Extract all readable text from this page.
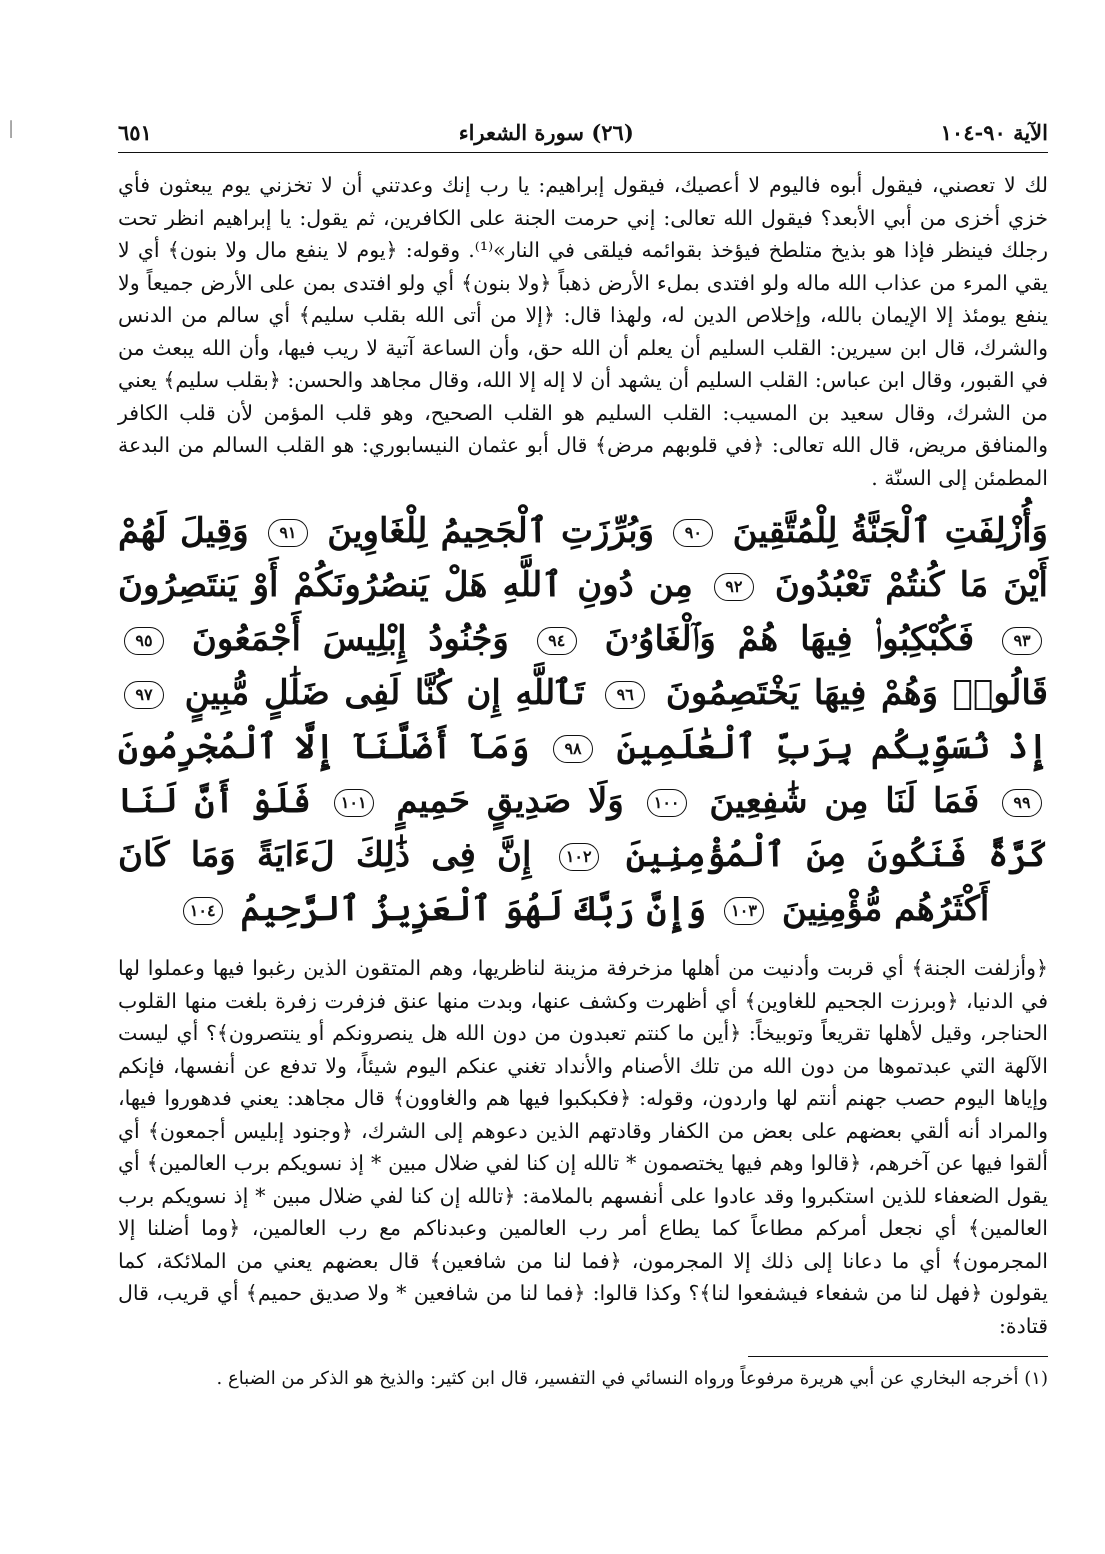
|	الآية ٩٠-١٠٤
(٢٦) سورة الشعراء
٦٥١

لك لا تعصني، فيقول أبوه فاليوم لا أعصيك، فيقول إبراهيم: يا رب إنك وعدتني أن لا تخزني يوم يبعثون فأي خزي أخزى من أبي الأبعد؟ فيقول الله تعالى: إني حرمت الجنة على الكافرين، ثم يقول: يا إبراهيم انظر تحت رجلك فينظر فإذا هو بذيخ متلطخ فيؤخذ بقوائمه فيلقى في النار»⁽¹⁾. وقوله: ﴿يوم لا ينفع مال ولا بنون﴾ أي لا يقي المرء من عذاب الله ماله ولو افتدى بملء الأرض ذهباً ﴿ولا بنون﴾ أي ولو افتدى بمن على الأرض جميعاً ولا ينفع يومئذ إلا الإيمان بالله، وإخلاص الدين له، ولهذا قال: ﴿إلا من أتى الله بقلب سليم﴾ أي سالم من الدنس والشرك، قال ابن سيرين: القلب السليم أن يعلم أن الله حق، وأن الساعة آتية لا ريب فيها، وأن الله يبعث من في القبور، وقال ابن عباس: القلب السليم أن يشهد أن لا إله إلا الله، وقال مجاهد والحسن: ﴿بقلب سليم﴾ يعني من الشرك، وقال سعيد بن المسيب: القلب السليم هو القلب الصحيح، وهو قلب المؤمن لأن قلب الكافر والمنافق مريض، قال الله تعالى: ﴿في قلوبهم مرض﴾ قال أبو عثمان النيسابوري: هو القلب السالم من البدعة المطمئن إلى السنّة .

وَأُزْلِفَتِ ٱلْجَنَّةُ لِلْمُتَّقِينَ ٩٠ وَبُرِّزَتِ ٱلْجَحِيمُ لِلْغَاوِينَ ٩١ وَقِيلَ لَهُمْ أَيْنَ مَا كُنتُمْ تَعْبُدُونَ ٩٢ مِن دُونِ ٱللَّهِ هَلْ يَنصُرُونَكُمْ أَوْ يَنتَصِرُونَ ٩٣ فَكُبْكِبُوا۟ فِيهَا هُمْ وَٱلْغَاوُۥنَ ٩٤ وَجُنُودُ إِبْلِيسَ أَجْمَعُونَ ٩٥ قَالُوا۟ وَهُمْ فِيهَا يَخْتَصِمُونَ ٩٦ تَٱللَّهِ إِن كُنَّا لَفِى ضَلَٰلٍ مُّبِينٍ ٩٧ إِذْ نُسَوِّيكُم بِرَبِّ ٱلْعَٰلَمِينَ ٩٨ وَمَآ أَضَلَّنَآ إِلَّا ٱلْمُجْرِمُونَ ٩٩ فَمَا لَنَا مِن شَٰفِعِينَ ١٠٠ وَلَا صَدِيقٍ حَمِيمٍ ١٠١ فَلَوْ أَنَّ لَنَا كَرَّةً فَنَكُونَ مِنَ ٱلْمُؤْمِنِينَ ١٠٢ إِنَّ فِى ذَٰلِكَ لَءَايَةً وَمَا كَانَ أَكْثَرُهُم مُّؤْمِنِينَ ١٠٣ وَإِنَّ رَبَّكَ لَهُوَ ٱلْعَزِيزُ ٱلرَّحِيمُ ١٠٤

﴿وأزلفت الجنة﴾ أي قربت وأدنيت من أهلها مزخرفة مزينة لناظريها، وهم المتقون الذين رغبوا فيها وعملوا لها في الدنيا، ﴿وبرزت الجحيم للغاوين﴾ أي أظهرت وكشف عنها، وبدت منها عنق فزفرت زفرة بلغت منها القلوب الحناجر، وقيل لأهلها تقريعاً وتوبيخاً: ﴿أين ما كنتم تعبدون من دون الله هل ينصرونكم أو ينتصرون﴾؟ أي ليست الآلهة التي عبدتموها من دون الله من تلك الأصنام والأنداد تغني عنكم اليوم شيئاً، ولا تدفع عن أنفسها، فإنكم وإياها اليوم حصب جهنم أنتم لها واردون، وقوله: ﴿فكبكبوا فيها هم والغاوون﴾ قال مجاهد: يعني فدهوروا فيها، والمراد أنه ألقي بعضهم على بعض من الكفار وقادتهم الذين دعوهم إلى الشرك، ﴿وجنود إبليس أجمعون﴾ أي ألقوا فيها عن آخرهم، ﴿قالوا وهم فيها يختصمون * تالله إن كنا لفي ضلال مبين * إذ نسويكم برب العالمين﴾ أي يقول الضعفاء للذين استكبروا وقد عادوا على أنفسهم بالملامة: ﴿تالله إن كنا لفي ضلال مبين * إذ نسويكم برب العالمين﴾ أي نجعل أمركم مطاعاً كما يطاع أمر رب العالمين وعبدناكم مع رب العالمين، ﴿وما أضلنا إلا المجرمون﴾ أي ما دعانا إلى ذلك إلا المجرمون، ﴿فما لنا من شافعين﴾ قال بعضهم يعني من الملائكة، كما يقولون ﴿فهل لنا من شفعاء فيشفعوا لنا﴾؟ وكذا قالوا: ﴿فما لنا من شافعين * ولا صديق حميم﴾ أي قريب، قال قتادة:

(١) أخرجه البخاري عن أبي هريرة مرفوعاً ورواه النسائي في التفسير، قال ابن كثير: والذيخ هو الذكر من الضباع .
